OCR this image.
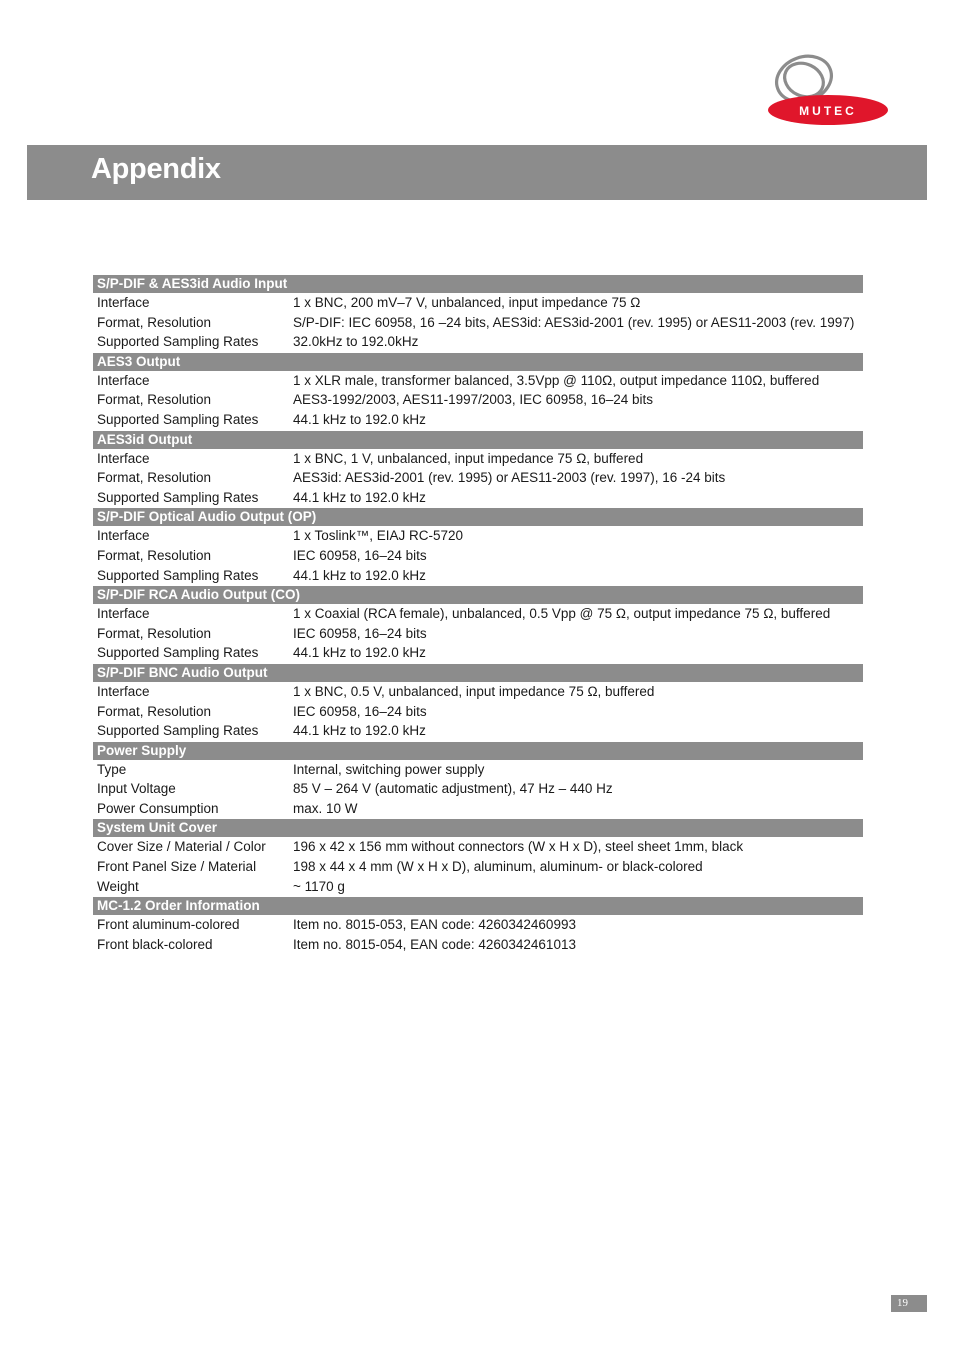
MUTEC
Appendix
S/P-DIF & AES3id Audio Input
Interface	1 x BNC, 200 mV–7 V, unbalanced, input impedance 75 Ω
Format, Resolution	S/P-DIF: IEC 60958, 16 –24 bits, AES3id: AES3id-2001 (rev. 1995) or AES11-2003 (rev. 1997)
Supported Sampling Rates	32.0kHz to 192.0kHz
AES3 Output
Interface	1 x XLR male, transformer balanced, 3.5Vpp @ 110Ω, output impedance 110Ω, buffered
Format, Resolution	AES3-1992/2003, AES11-1997/2003, IEC 60958, 16–24 bits
Supported Sampling Rates	44.1 kHz to 192.0 kHz
AES3id Output
Interface	1 x BNC, 1 V, unbalanced, input impedance 75 Ω, buffered
Format, Resolution	AES3id: AES3id-2001 (rev. 1995) or AES11-2003 (rev. 1997), 16 -24 bits
Supported Sampling Rates	44.1 kHz to 192.0 kHz
S/P-DIF Optical Audio Output (OP)
Interface	1 x Toslink™, EIAJ RC-5720
Format, Resolution	IEC 60958, 16–24 bits
Supported Sampling Rates	44.1 kHz to 192.0 kHz
S/P-DIF RCA Audio Output (CO)
Interface	1 x Coaxial (RCA female), unbalanced, 0.5 Vpp @ 75 Ω, output impedance 75 Ω, buffered
Format, Resolution	IEC 60958, 16–24 bits
Supported Sampling Rates	44.1 kHz to 192.0 kHz
S/P-DIF BNC Audio Output
Interface	1 x BNC, 0.5 V, unbalanced, input impedance 75 Ω, buffered
Format, Resolution	IEC 60958, 16–24 bits
Supported Sampling Rates	44.1 kHz to 192.0 kHz
Power Supply
Type	Internal, switching power supply
Input Voltage	85 V – 264 V (automatic adjustment), 47 Hz – 440 Hz
Power Consumption	max. 10 W
System Unit Cover
Cover Size / Material / Color	196 x 42 x 156 mm without connectors (W x H x D), steel sheet 1mm, black
Front Panel Size / Material	198 x 44 x 4 mm (W x H x D), aluminum, aluminum- or black-colored
Weight	~ 1170 g
MC-1.2 Order Information
Front aluminum-colored	Item no. 8015-053, EAN code: 4260342460993
Front black-colored	Item no. 8015-054, EAN code: 4260342461013
19
